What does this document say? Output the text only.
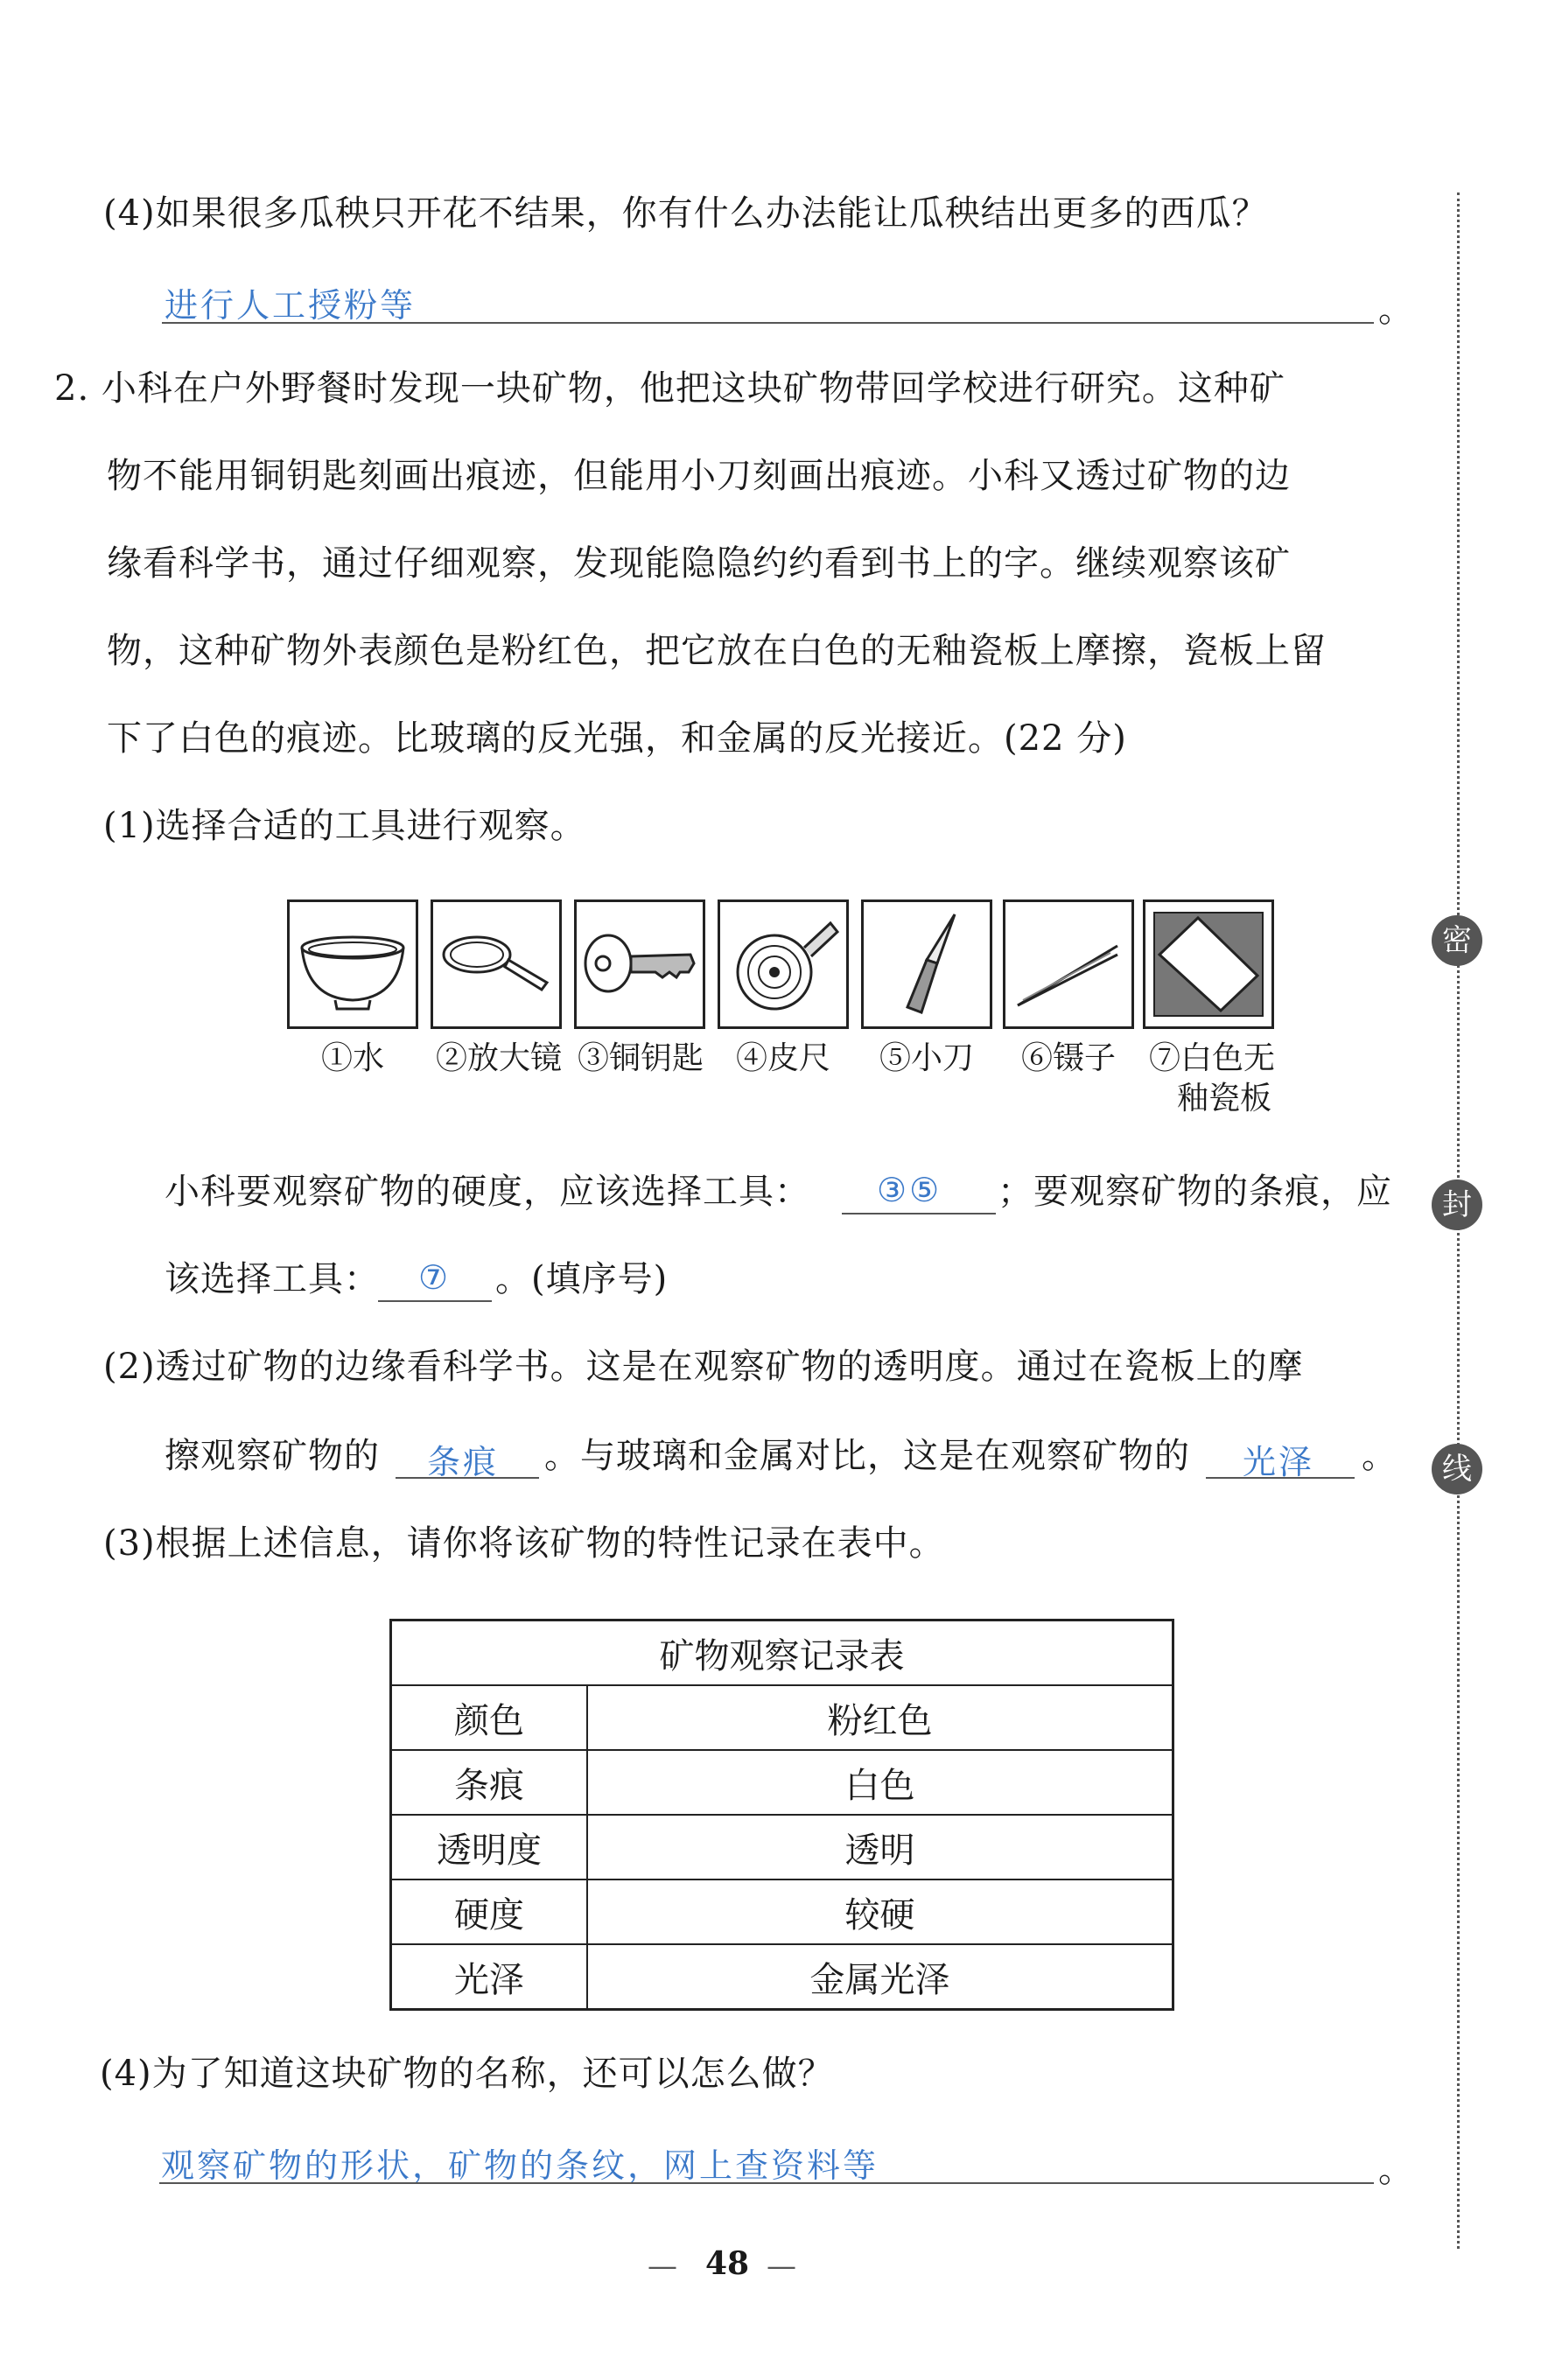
(4)如果很多瓜秧只开花不结果，你有什么办法能让瓜秧结出更多的西瓜？
进行人工授粉等	。
2. 小科在户外野餐时发现一块矿物，他把这块矿物带回学校进行研究。这种矿
物不能用铜钥匙刻画出痕迹，但能用小刀刻画出痕迹。小科又透过矿物的边
缘看科学书，通过仔细观察，发现能隐隐约约看到书上的字。继续观察该矿
物，这种矿物外表颜色是粉红色，把它放在白色的无釉瓷板上摩擦，瓷板上留
下了白色的痕迹。比玻璃的反光强，和金属的反光接近。(22 分)
(1)选择合适的工具进行观察。
①水	②放大镜 ③铜钥匙	④皮尺	⑤小刀	⑥镊子	⑦白色无
釉瓷板
小科要观察矿物的硬度，应该选择工具： ③⑤ ；要观察矿物的条痕，应
该选择工具： ⑦ 。(填序号)
(2)透过矿物的边缘看科学书。这是在观察矿物的透明度。通过在瓷板上的摩
擦观察矿物的 条痕 。与玻璃和金属对比，这是在观察矿物的 光泽 。
(3)根据上述信息，请你将该矿物的特性记录在表中。
矿物观察记录表	
颜色	粉红色
条痕	白色
透明度	透明
硬度	较硬
光泽	金属光泽
(4)为了知道这块矿物的名称，还可以怎么做？
观察矿物的形状，矿物的条纹，网上查资料等	。
密
封
线
— 48 —
